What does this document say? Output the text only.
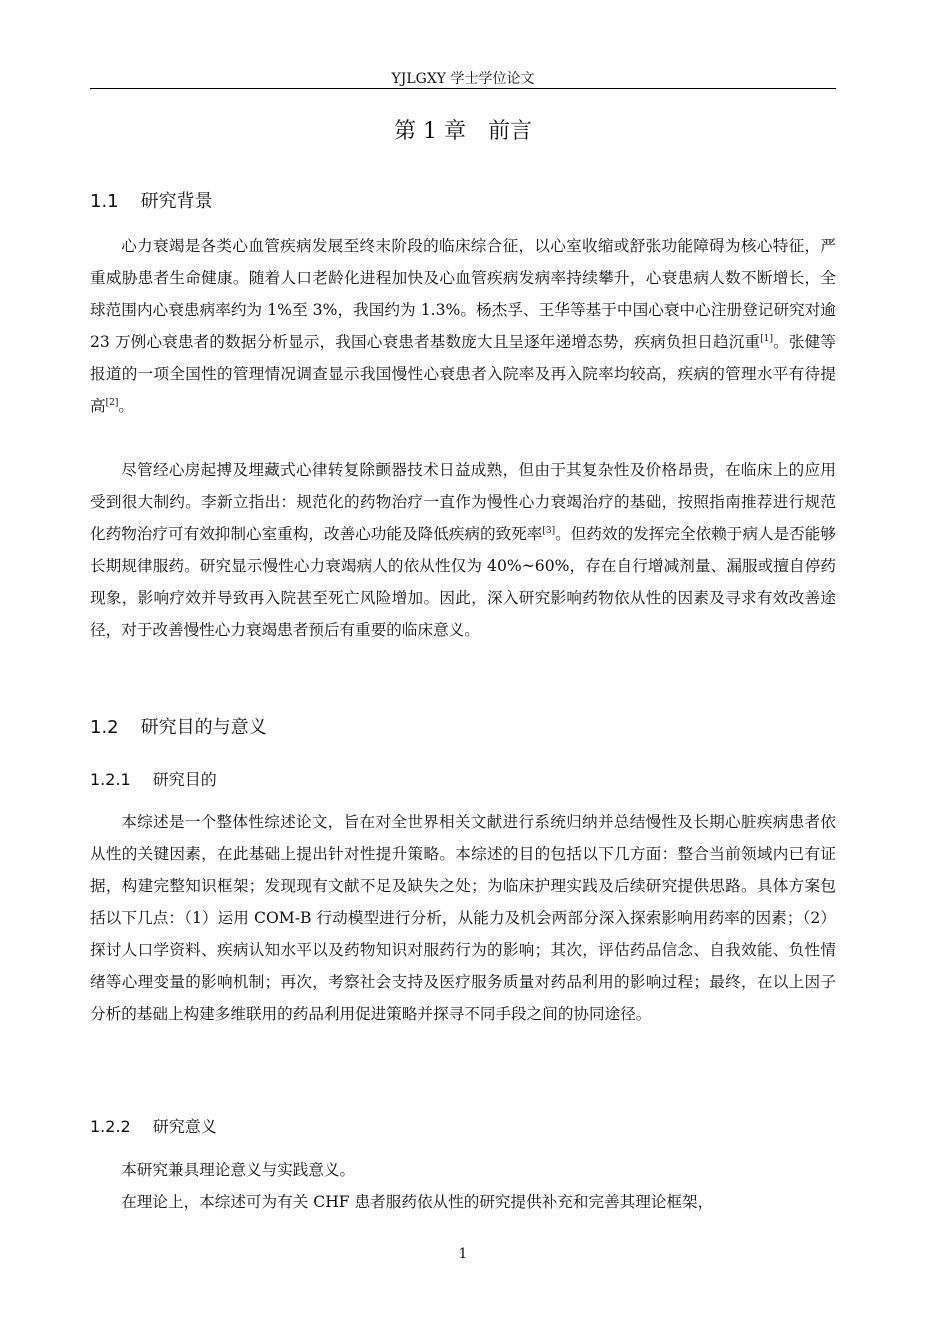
YJLGXY 学士学位论文
第 1 章　前言
1.1 研究背景

心力衰竭是各类心血管疾病发展至终末阶段的临床综合征，以心室收缩或舒张功能障碍为核心特征，严重威胁患者生命健康。随着人口老龄化进程加快及心血管疾病发病率持续攀升，心衰患病人数不断增长，全球范围内心衰患病率约为 1%至 3%，我国约为 1.3%。杨杰孚、王华等基于中国心衰中心注册登记研究对逾 23 万例心衰患者的数据分析显示，我国心衰患者基数庞大且呈逐年递增态势，疾病负担日趋沉重[1]。张健等报道的一项全国性的管理情况调查显示我国慢性心衰患者入院率及再入院率均较高，疾病的管理水平有待提高[2]。

尽管经心房起搏及埋藏式心律转复除颤器技术日益成熟，但由于其复杂性及价格昂贵，在临床上的应用受到很大制约。李新立指出：规范化的药物治疗一直作为慢性心力衰竭治疗的基础，按照指南推荐进行规范化药物治疗可有效抑制心室重构，改善心功能及降低疾病的致死率[3]。但药效的发挥完全依赖于病人是否能够长期规律服药。研究显示慢性心力衰竭病人的依从性仅为 40%~60%，存在自行增减剂量、漏服或擅自停药现象，影响疗效并导致再入院甚至死亡风险增加。因此，深入研究影响药物依从性的因素及寻求有效改善途径，对于改善慢性心力衰竭患者预后有重要的临床意义。

1.2 研究目的与意义
1.2.1 研究目的

本综述是一个整体性综述论文，旨在对全世界相关文献进行系统归纳并总结慢性及长期心脏疾病患者依从性的关键因素，在此基础上提出针对性提升策略。本综述的目的包括以下几方面：整合当前领域内已有证据，构建完整知识框架；发现现有文献不足及缺失之处；为临床护理实践及后续研究提供思路。具体方案包括以下几点：（1）运用 COM-B 行动模型进行分析，从能力及机会两部分深入探索影响用药率的因素；（2）探讨人口学资料、疾病认知水平以及药物知识对服药行为的影响；其次，评估药品信念、自我效能、负性情绪等心理变量的影响机制；再次，考察社会支持及医疗服务质量对药品利用的影响过程；最终，在以上因子分析的基础上构建多维联用的药品利用促进策略并探寻不同手段之间的协同途径。

1.2.2 研究意义

本研究兼具理论意义与实践意义。

在理论上，本综述可为有关 CHF 患者服药依从性的研究提供补充和完善其理论框架，

1
